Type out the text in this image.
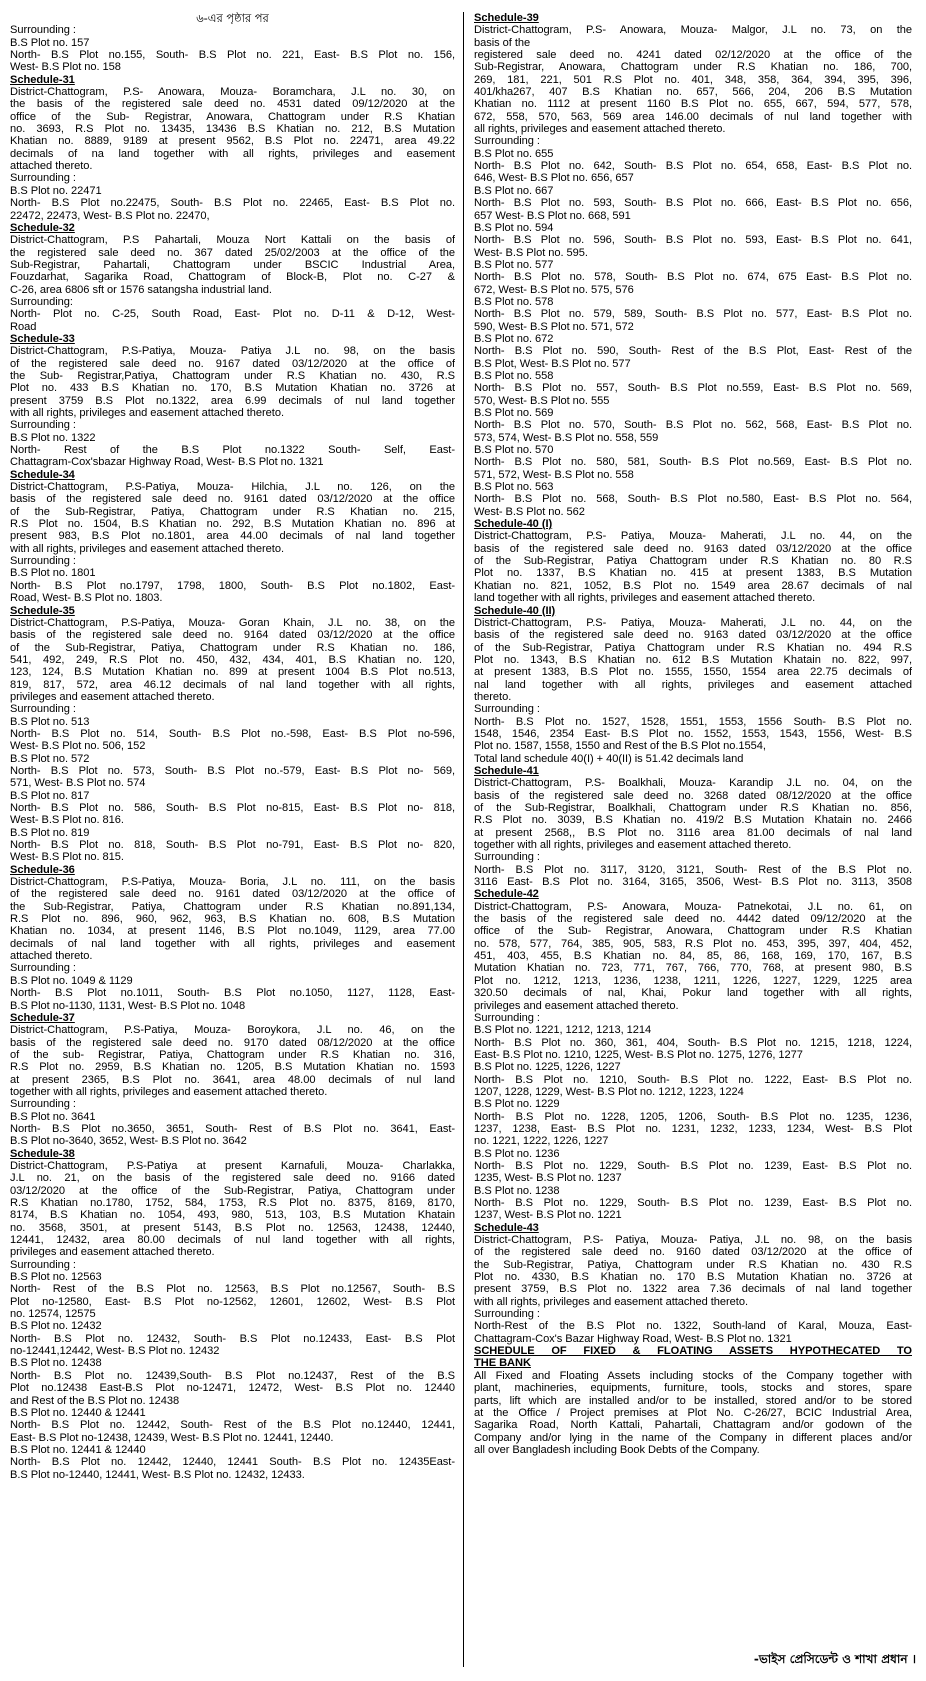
৬-এর পৃষ্ঠার পর
Surrounding :
B.S Plot no. 157
North- B.S Plot no.155, South- B.S Plot no. 221, East- B.S Plot no. 156,
West- B.S Plot no. 158
Schedule-31
District-Chattogram, P.S- Anowara, Mouza- Boramchara, J.L no. 30, on
the basis of the registered sale deed no. 4531 dated 09/12/2020 at the
office of the Sub- Registrar, Anowara, Chattogram under R.S Khatian
no. 3693, R.S Plot no. 13435, 13436 B.S Khatian no. 212, B.S Mutation
Khatian no. 8889, 9189 at present 9562, B.S Plot no. 22471, area 49.22
decimals of na land together with all rights, privileges and easement
attached thereto.
Surrounding :
B.S Plot no. 22471
North- B.S Plot no.22475, South- B.S Plot no. 22465, East- B.S Plot no.
22472, 22473, West- B.S Plot no. 22470,
Schedule-32
District-Chattogram, P.S Pahartali, Mouza Nort Kattali on the basis of
the registered sale deed no. 367 dated 25/02/2003 at the office of the
Sub-Registrar, Pahartali, Chattogram under BSCIC Industrial Area,
Fouzdarhat, Sagarika Road, Chattogram of Block-B, Plot no. C-27 &
C-26, area 6806 sft or 1576 satangsha industrial land.
Surrounding:
North- Plot no. C-25, South Road, East- Plot no. D-11 & D-12, West-
Road
Schedule-33
District-Chattogram, P.S-Patiya, Mouza- Patiya J.L no. 98, on the basis
of the registered sale deed no. 9167 dated 03/12/2020 at the office of
the Sub- Registrar,Patiya, Chattogram under R.S Khatian no. 430, R.S
Plot no. 433 B.S Khatian no. 170, B.S Mutation Khatian no. 3726 at
present 3759 B.S Plot no.1322, area 6.99 decimals of nul land together
with all rights, privileges and easement attached thereto.
Surrounding :
B.S Plot no. 1322
North- Rest of the B.S Plot no.1322 South- Self, East-
Chattagram-Cox'sbazar Highway Road, West- B.S Plot no. 1321
Schedule-34
District-Chattogram, P.S-Patiya, Mouza- Hilchia, J.L no. 126, on the
basis of the registered sale deed no. 9161 dated 03/12/2020 at the office
of the Sub-Registrar, Patiya, Chattogram under R.S Khatian no. 215,
R.S Plot no. 1504, B.S Khatian no. 292, B.S Mutation Khatian no. 896 at
present 983, B.S Plot no.1801, area 44.00 decimals of nal land together
with all rights, privileges and easement attached thereto.
Surrounding :
B.S Plot no. 1801
North- B.S Plot no.1797, 1798, 1800, South- B.S Plot no.1802, East-
Road, West- B.S Plot no. 1803.
Schedule-35
District-Chattogram, P.S-Patiya, Mouza- Goran Khain, J.L no. 38, on the
basis of the registered sale deed no. 9164 dated 03/12/2020 at the office
of the Sub-Registrar, Patiya, Chattogram under R.S Khatian no. 186,
541, 492, 249, R.S Plot no. 450, 432, 434, 401, B.S Khatian no. 120,
123, 124, B.S Mutation Khatian no. 899 at present 1004 B.S Plot no.513,
819, 817, 572, area 46.12 decimals of nal land together with all rights,
privileges and easement attached thereto.
Surrounding :
B.S Plot no. 513
North- B.S Plot no. 514, South- B.S Plot no.-598, East- B.S Plot no-596,
West- B.S Plot no. 506, 152
B.S Plot no. 572
North- B.S Plot no. 573, South- B.S Plot no.-579, East- B.S Plot no- 569,
571, West- B.S Plot no. 574
B.S Plot no. 817
North- B.S Plot no. 586, South- B.S Plot no-815, East- B.S Plot no- 818,
West- B.S Plot no. 816.
B.S Plot no. 819
North- B.S Plot no. 818, South- B.S Plot no-791, East- B.S Plot no- 820,
West- B.S Plot no. 815.
Schedule-36
District-Chattogram, P.S-Patiya, Mouza- Boria, J.L no. 111, on the basis
of the registered sale deed no. 9161 dated 03/12/2020 at the office of
the Sub-Registrar, Patiya, Chattogram under R.S Khatian no.891,134,
R.S Plot no. 896, 960, 962, 963, B.S Khatian no. 608, B.S Mutation
Khatian no. 1034, at present 1146, B.S Plot no.1049, 1129, area 77.00
decimals of nal land together with all rights, privileges and easement
attached thereto.
Surrounding :
B.S Plot no. 1049 & 1129
North- B.S Plot no.1011, South- B.S Plot no.1050, 1127, 1128, East-
B.S Plot no-1130, 1131, West- B.S Plot no. 1048
Schedule-37
District-Chattogram, P.S-Patiya, Mouza- Boroykora, J.L no. 46, on the
basis of the registered sale deed no. 9170 dated 08/12/2020 at the office
of the sub- Registrar, Patiya, Chattogram under R.S Khatian no. 316,
R.S Plot no. 2959, B.S Khatian no. 1205, B.S Mutation Khatian no. 1593
at present 2365, B.S Plot no. 3641, area 48.00 decimals of nul land
together with all rights, privileges and easement attached thereto.
Surrounding :
B.S Plot no. 3641
North- B.S Plot no.3650, 3651, South- Rest of B.S Plot no. 3641, East-
B.S Plot no-3640, 3652, West- B.S Plot no. 3642
Schedule-38
District-Chattogram, P.S-Patiya at present Karnafuli, Mouza- Charlakka,
J.L no. 21, on the basis of the registered sale deed no. 9166 dated
03/12/2020 at the office of the Sub-Registrar, Patiya, Chattogram under
R.S Khatian no.1780, 1752, 584, 1753, R.S Plot no. 8375, 8169, 8170,
8174, B.S Khatian no. 1054, 493, 980, 513, 103, B.S Mutation Khatain
no. 3568, 3501, at present 5143, B.S Plot no. 12563, 12438, 12440,
12441, 12432, area 80.00 decimals of nul land together with all rights,
privileges and easement attached thereto.
Surrounding :
B.S Plot no. 12563
North- Rest of the B.S Plot no. 12563, B.S Plot no.12567, South- B.S
Plot no-12580, East- B.S Plot no-12562, 12601, 12602, West- B.S Plot
no. 12574, 12575
B.S Plot no. 12432
North- B.S Plot no. 12432, South- B.S Plot no.12433, East- B.S Plot
no-12441,12442, West- B.S Plot no. 12432
B.S Plot no. 12438
North- B.S Plot no. 12439,South- B.S Plot no.12437, Rest of the B.S
Plot no.12438 East-B.S Plot no-12471, 12472, West- B.S Plot no. 12440
and Rest of the B.S Plot no. 12438
B.S Plot no. 12440 & 12441
North- B.S Plot no. 12442, South- Rest of the B.S Plot no.12440, 12441,
East- B.S Plot no-12438, 12439, West- B.S Plot no. 12441, 12440.
B.S Plot no. 12441 & 12440
North- B.S Plot no. 12442, 12440, 12441 South- B.S Plot no. 12435East-
B.S Plot no-12440, 12441, West- B.S Plot no. 12432, 12433.
Schedule-39
District-Chattogram, P.S- Anowara, Mouza- Malgor, J.L no. 73, on the
basis of the
registered sale deed no. 4241 dated 02/12/2020 at the office of the
Sub-Registrar, Anowara, Chattogram under R.S Khatian no. 186, 700,
269, 181, 221, 501 R.S Plot no. 401, 348, 358, 364, 394, 395, 396,
401/kha267, 407 B.S Khatian no. 657, 566, 204, 206 B.S Mutation
Khatian no. 1112 at present 1160 B.S Plot no. 655, 667, 594, 577, 578,
672, 558, 570, 563, 569 area 146.00 decimals of nul land together with
all rights, privileges and easement attached thereto.
Surrounding :
B.S Plot no. 655
North- B.S Plot no. 642, South- B.S Plot no. 654, 658, East- B.S Plot no.
646, West- B.S Plot no. 656, 657
B.S Plot no. 667
North- B.S Plot no. 593, South- B.S Plot no. 666, East- B.S Plot no. 656,
657 West- B.S Plot no. 668, 591
B.S Plot no. 594
North- B.S Plot no. 596, South- B.S Plot no. 593, East- B.S Plot no. 641,
West- B.S Plot no. 595.
B.S Plot no. 577
North- B.S Plot no. 578, South- B.S Plot no. 674, 675 East- B.S Plot no.
672, West- B.S Plot no. 575, 576
B.S Plot no. 578
North- B.S Plot no. 579, 589, South- B.S Plot no. 577, East- B.S Plot no.
590, West- B.S Plot no. 571, 572
B.S Plot no. 672
North- B.S Plot no. 590, South- Rest of the B.S Plot, East- Rest of the
B.S Plot, West- B.S Plot no. 577
B.S Plot no. 558
North- B.S Plot no. 557, South- B.S Plot no.559, East- B.S Plot no. 569,
570, West- B.S Plot no. 555
B.S Plot no. 569
North- B.S Plot no. 570, South- B.S Plot no. 562, 568, East- B.S Plot no.
573, 574, West- B.S Plot no. 558, 559
B.S Plot no. 570
North- B.S Plot no. 580, 581, South- B.S Plot no.569, East- B.S Plot no.
571, 572, West- B.S Plot no. 558
B.S Plot no. 563
North- B.S Plot no. 568, South- B.S Plot no.580, East- B.S Plot no. 564,
West- B.S Plot no. 562
Schedule-40 (I)
District-Chattogram, P.S- Patiya, Mouza- Maherati, J.L no. 44, on the
basis of the registered sale deed no. 9163 dated 03/12/2020 at the office
of the Sub-Registrar, Patiya Chattogram under R.S Khatian no. 80 R.S
Plot no. 1337, B.S Khatian no. 415 at present 1383, B.S Mutation
Khatian no. 821, 1052, B.S Plot no. 1549 area 28.67 decimals of nal
land together with all rights, privileges and easement attached thereto.
Schedule-40 (II)
District-Chattogram, P.S- Patiya, Mouza- Maherati, J.L no. 44, on the
basis of the registered sale deed no. 9163 dated 03/12/2020 at the office
of the Sub-Registrar, Patiya Chattogram under R.S Khatian no. 494 R.S
Plot no. 1343, B.S Khatian no. 612 B.S Mutation Khatain no. 822, 997,
at present 1383, B.S Plot no. 1555, 1550, 1554 area 22.75 decimals of
nal land together with all rights, privileges and easement attached
thereto.
Surrounding :
North- B.S Plot no. 1527, 1528, 1551, 1553, 1556 South- B.S Plot no.
1548, 1546, 2354 East- B.S Plot no. 1552, 1553, 1543, 1556, West- B.S
Plot no. 1587, 1558, 1550 and Rest of the B.S Plot no.1554,
Total land schedule 40(I) + 40(II) is 51.42 decimals land
Schedule-41
District-Chattogram, P.S- Boalkhali, Mouza- Karandip J.L no. 04, on the
basis of the registered sale deed no. 3268 dated 08/12/2020 at the office
of the Sub-Registrar, Boalkhali, Chattogram under R.S Khatian no. 856,
R.S Plot no. 3039, B.S Khatian no. 419/2 B.S Mutation Khatain no. 2466
at present 2568,, B.S Plot no. 3116 area 81.00 decimals of nal land
together with all rights, privileges and easement attached thereto.
Surrounding :
North- B.S Plot no. 3117, 3120, 3121, South- Rest of the B.S Plot no.
3116 East- B.S Plot no. 3164, 3165, 3506, West- B.S Plot no. 3113, 3508
Schedule-42
District-Chattogram, P.S- Anowara, Mouza- Patnekotai, J.L no. 61, on
the basis of the registered sale deed no. 4442 dated 09/12/2020 at the
office of the Sub- Registrar, Anowara, Chattogram under R.S Khatian
no. 578, 577, 764, 385, 905, 583, R.S Plot no. 453, 395, 397, 404, 452,
451, 403, 455, B.S Khatian no. 84, 85, 86, 168, 169, 170, 167, B.S
Mutation Khatian no. 723, 771, 767, 766, 770, 768, at present 980, B.S
Plot no. 1212, 1213, 1236, 1238, 1211, 1226, 1227, 1229, 1225 area
320.50 decimals of nal, Khai, Pokur land together with all rights,
privileges and easement attached thereto.
Surrounding :
B.S Plot no. 1221, 1212, 1213, 1214
North- B.S Plot no. 360, 361, 404, South- B.S Plot no. 1215, 1218, 1224,
East- B.S Plot no. 1210, 1225, West- B.S Plot no. 1275, 1276, 1277
B.S Plot no. 1225, 1226, 1227
North- B.S Plot no. 1210, South- B.S Plot no. 1222, East- B.S Plot no.
1207, 1228, 1229, West- B.S Plot no. 1212, 1223, 1224
B.S Plot no. 1229
North- B.S Plot no. 1228, 1205, 1206, South- B.S Plot no. 1235, 1236,
1237, 1238, East- B.S Plot no. 1231, 1232, 1233, 1234, West- B.S Plot
no. 1221, 1222, 1226, 1227
B.S Plot no. 1236
North- B.S Plot no. 1229, South- B.S Plot no. 1239, East- B.S Plot no.
1235, West- B.S Plot no. 1237
B.S Plot no. 1238
North- B.S Plot no. 1229, South- B.S Plot no. 1239, East- B.S Plot no.
1237, West- B.S Plot no. 1221
Schedule-43
District-Chattogram, P.S- Patiya, Mouza- Patiya, J.L no. 98, on the basis
of the registered sale deed no. 9160 dated 03/12/2020 at the office of
the Sub-Registrar, Patiya, Chattogram under R.S Khatian no. 430 R.S
Plot no. 4330, B.S Khatian no. 170 B.S Mutation Khatian no. 3726 at
present 3759, B.S Plot no. 1322 area 7.36 decimals of nal land together
with all rights, privileges and easement attached thereto.
Surrounding :
North-Rest of the B.S Plot no. 1322, South-land of Karal, Mouza, East-
Chattagram-Cox's Bazar Highway Road, West- B.S Plot no. 1321
SCHEDULE OF FIXED & FLOATING ASSETS HYPOTHECATED TO
THE BANK
All Fixed and Floating Assets including stocks of the Company together with
plant, machineries, equipments, furniture, tools, stocks and stores, spare
parts, lift which are installed and/or to be installed, stored and/or to be stored
at the Office / Project premises at Plot No. C-26/27, BCIC Industrial Area,
Sagarika Road, North Kattali, Pahartali, Chattagram and/or godown of the
Company and/or lying in the name of the Company in different places and/or
all over Bangladesh including Book Debts of the Company.
-ভাইস প্রেসিডেন্ট ও শাখা প্রধান ।
